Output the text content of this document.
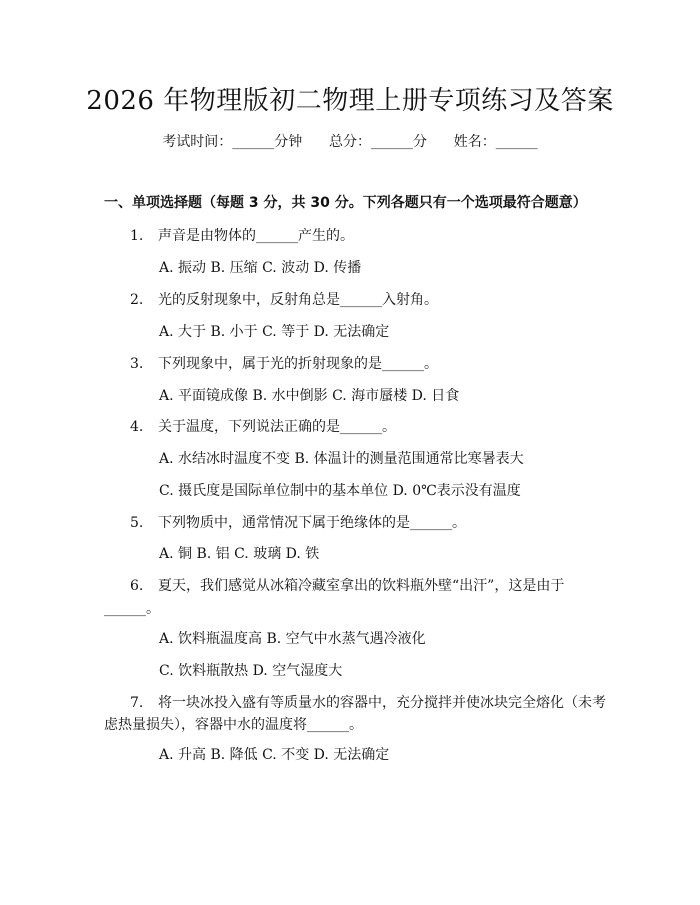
2026 年物理版初二物理上册专项练习及答案
考试时间：______分钟 总分：______分 姓名：______
一、单项选择题（每题 3 分，共 30 分。下列各题只有一个选项最符合题意）
1. 声音是由物体的______产生的。
A. 振动 B. 压缩 C. 波动 D. 传播
2. 光的反射现象中，反射角总是______入射角。
A. 大于 B. 小于 C. 等于 D. 无法确定
3. 下列现象中，属于光的折射现象的是______。
A. 平面镜成像 B. 水中倒影 C. 海市蜃楼 D. 日食
4. 关于温度，下列说法正确的是______。
A. 水结冰时温度不变 B. 体温计的测量范围通常比寒暑表大
C. 摄氏度是国际单位制中的基本单位 D. 0℃表示没有温度
5. 下列物质中，通常情况下属于绝缘体的是______。
A. 铜 B. 铝 C. 玻璃 D. 铁
6. 夏天，我们感觉从冰箱冷藏室拿出的饮料瓶外壁“出汗”，这是由于
______。
A. 饮料瓶温度高 B. 空气中水蒸气遇冷液化
C. 饮料瓶散热 D. 空气湿度大
7. 将一块冰投入盛有等质量水的容器中，充分搅拌并使冰块完全熔化（未考
虑热量损失），容器中水的温度将______。
A. 升高 B. 降低 C. 不变 D. 无法确定
